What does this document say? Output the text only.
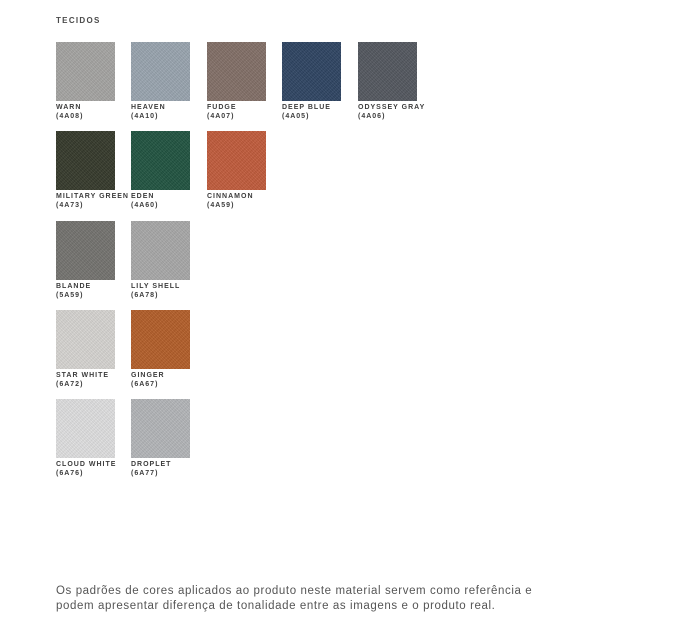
TECIDOS
WARN
(4A08)
HEAVEN
(4A10)
FUDGE
(4A07)
DEEP BLUE
(4A05)
ODYSSEY GRAY
(4A06)
MILITARY GREEN
(4A73)
EDEN
(4A60)
CINNAMON
(4A59)
BLANDE
(5A59)
LILY SHELL
(6A78)
STAR WHITE
(6A72)
GINGER
(6A67)
CLOUD WHITE
(6A76)
DROPLET
(6A77)

Os padrões de cores aplicados ao produto neste material servem como referência e

podem apresentar diferença de tonalidade entre as imagens e o produto real.
